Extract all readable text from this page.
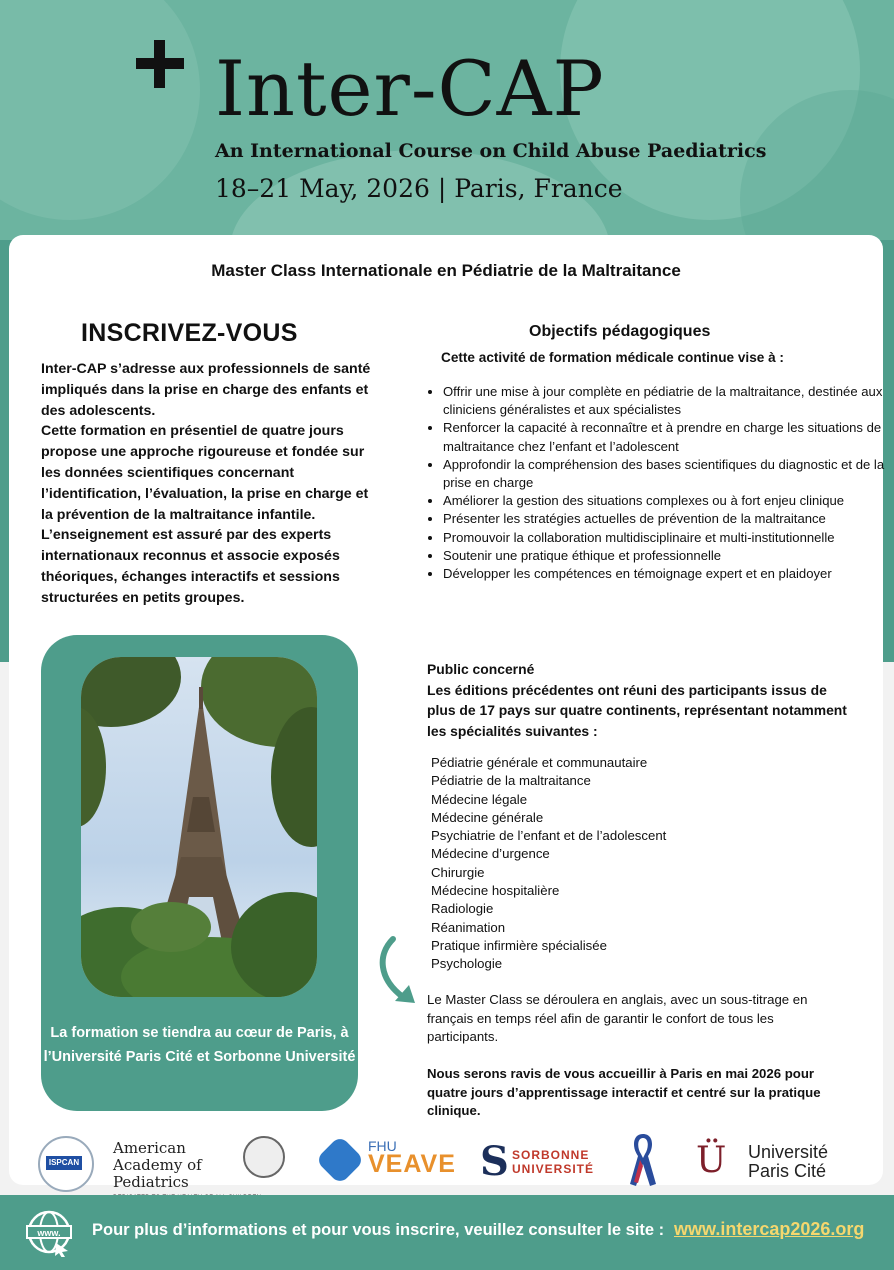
Inter-CAP
An International Course on Child Abuse Paediatrics
18–21 May, 2026 | Paris, France
Master Class Internationale en Pédiatrie de la Maltraitance
INSCRIVEZ-VOUS

Inter-CAP s’adresse aux professionnels de santé impliqués dans la prise en charge des enfants et des adolescents.

Cette formation en présentiel de quatre jours propose une approche rigoureuse et fondée sur les données scientifiques concernant l’identification, l’évaluation, la prise en charge et la prévention de la maltraitance infantile.

L’enseignement est assuré par des experts internationaux reconnus et associe exposés théoriques, échanges interactifs et sessions structurées en petits groupes.

La formation se tiendra au cœur de Paris, à l’Université Paris Cité et Sorbonne Université
Objectifs pédagogiques
Cette activité de formation médicale continue vise à :
• Offrir une mise à jour complète en pédiatrie de la maltraitance, destinée aux cliniciens généralistes et aux spécialistes
• Renforcer la capacité à reconnaître et à prendre en charge les situations de maltraitance chez l’enfant et l’adolescent
• Approfondir la compréhension des bases scientifiques du diagnostic et de la prise en charge
• Améliorer la gestion des situations complexes ou à fort enjeu clinique
• Présenter les stratégies actuelles de prévention de la maltraitance
• Promouvoir la collaboration multidisciplinaire et multi-institutionnelle
• Soutenir une pratique éthique et professionnelle
• Développer les compétences en témoignage expert et en plaidoyer

Public concerné

Les éditions précédentes ont réuni des participants issus de plus de 17 pays sur quatre continents, représentant notamment les spécialités suivantes :

Pédiatrie générale et communautaire
Pédiatrie de la maltraitance
Médecine légale
Médecine générale
Psychiatrie de l’enfant et de l’adolescent
Médecine d’urgence
Chirurgie
Médecine hospitalière
Radiologie
Réanimation
Pratique infirmière spécialisée
Psychologie
Le Master Class se déroulera en anglais, avec un sous-titrage en français en temps réel afin de garantir le confort de tous les participants.
Nous serons ravis de vous accueillir à Paris en mai 2026 pour quatre jours d’apprentissage interactif et centré sur la pratique clinique.
ISPCAN
American Academy of Pediatrics
FHU
VEAVE S SORBONNE UNIVERSITÉ	Ü Université Paris Cité
www. Pour plus d’informations et pour vous inscrire, veuillez consulter le site : www.intercap2026.org
